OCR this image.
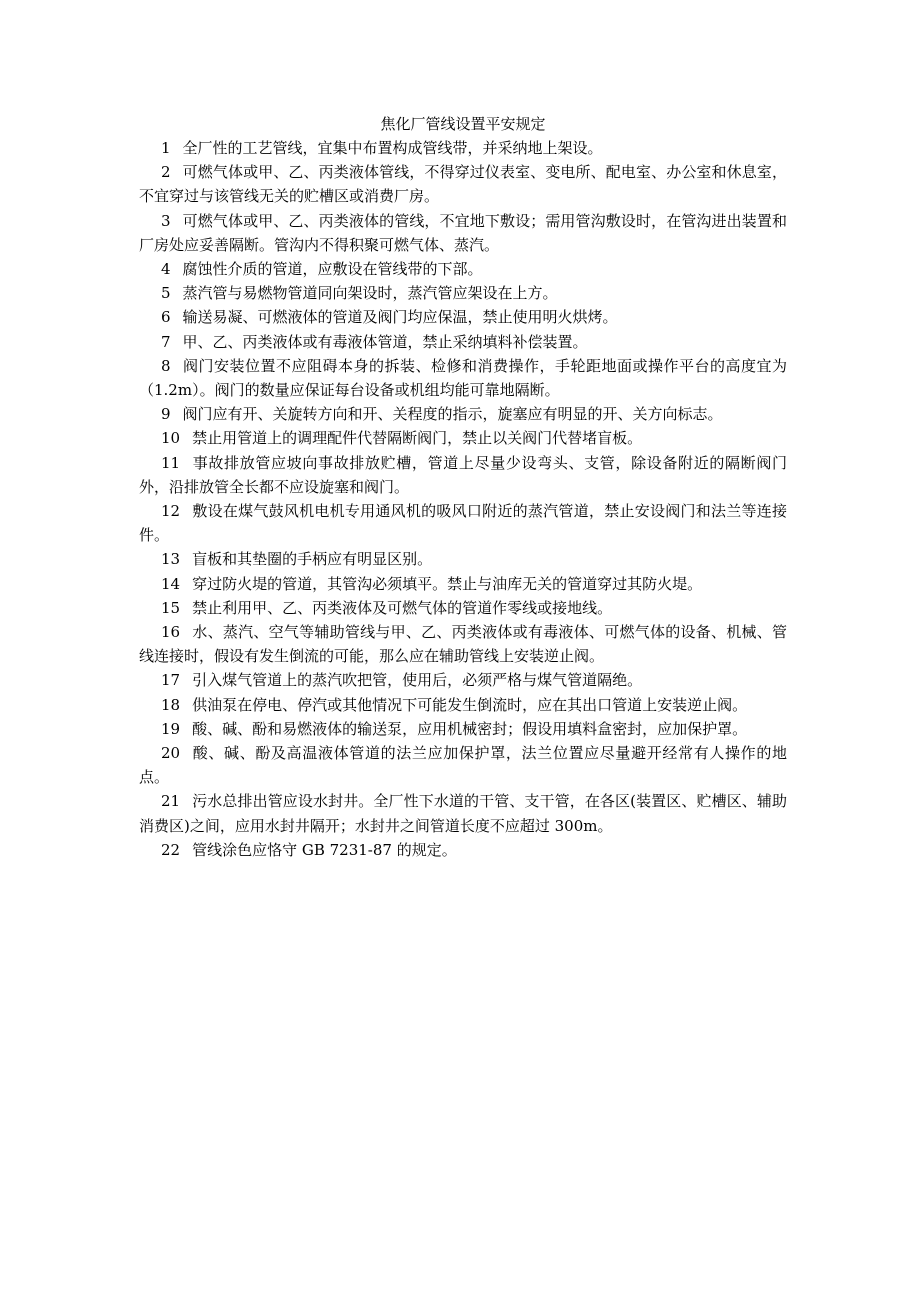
焦化厂管线设置平安规定
1 全厂性的工艺管线，宜集中布置构成管线带，并采纳地上架设。
2 可燃气体或甲、乙、丙类液体管线，不得穿过仪表室、变电所、配电室、办公室和休息室，不宜穿过与该管线无关的贮槽区或消费厂房。
3 可燃气体或甲、乙、丙类液体的管线，不宜地下敷设；需用管沟敷设时，在管沟进出装置和厂房处应妥善隔断。管沟内不得积聚可燃气体、蒸汽。
4 腐蚀性介质的管道，应敷设在管线带的下部。
5 蒸汽管与易燃物管道同向架设时，蒸汽管应架设在上方。
6 输送易凝、可燃液体的管道及阀门均应保温，禁止使用明火烘烤。
7 甲、乙、丙类液体或有毒液体管道，禁止采纳填料补偿装置。
8 阀门安装位置不应阻碍本身的拆装、检修和消费操作，手轮距地面或操作平台的高度宜为（1.2m）。阀门的数量应保证每台设备或机组均能可靠地隔断。
9 阀门应有开、关旋转方向和开、关程度的指示，旋塞应有明显的开、关方向标志。
10 禁止用管道上的调理配件代替隔断阀门，禁止以关阀门代替堵盲板。
11 事故排放管应坡向事故排放贮槽，管道上尽量少设弯头、支管，除设备附近的隔断阀门外，沿排放管全长都不应设旋塞和阀门。
12 敷设在煤气鼓风机电机专用通风机的吸风口附近的蒸汽管道，禁止安设阀门和法兰等连接件。
13 盲板和其垫圈的手柄应有明显区别。
14 穿过防火堤的管道，其管沟必须填平。禁止与油库无关的管道穿过其防火堤。
15 禁止利用甲、乙、丙类液体及可燃气体的管道作零线或接地线。
16 水、蒸汽、空气等辅助管线与甲、乙、丙类液体或有毒液体、可燃气体的设备、机械、管线连接时，假设有发生倒流的可能，那么应在辅助管线上安装逆止阀。
17 引入煤气管道上的蒸汽吹把管，使用后，必须严格与煤气管道隔绝。
18 供油泵在停电、停汽或其他情况下可能发生倒流时，应在其出口管道上安装逆止阀。
19 酸、碱、酚和易燃液体的输送泵，应用机械密封；假设用填料盒密封，应加保护罩。
20 酸、碱、酚及高温液体管道的法兰应加保护罩，法兰位置应尽量避开经常有人操作的地点。
21 污水总排出管应设水封井。全厂性下水道的干管、支干管，在各区(装置区、贮槽区、辅助消费区)之间，应用水封井隔开；水封井之间管道长度不应超过 300m。
22 管线涂色应恪守 GB 7231-87 的规定。
